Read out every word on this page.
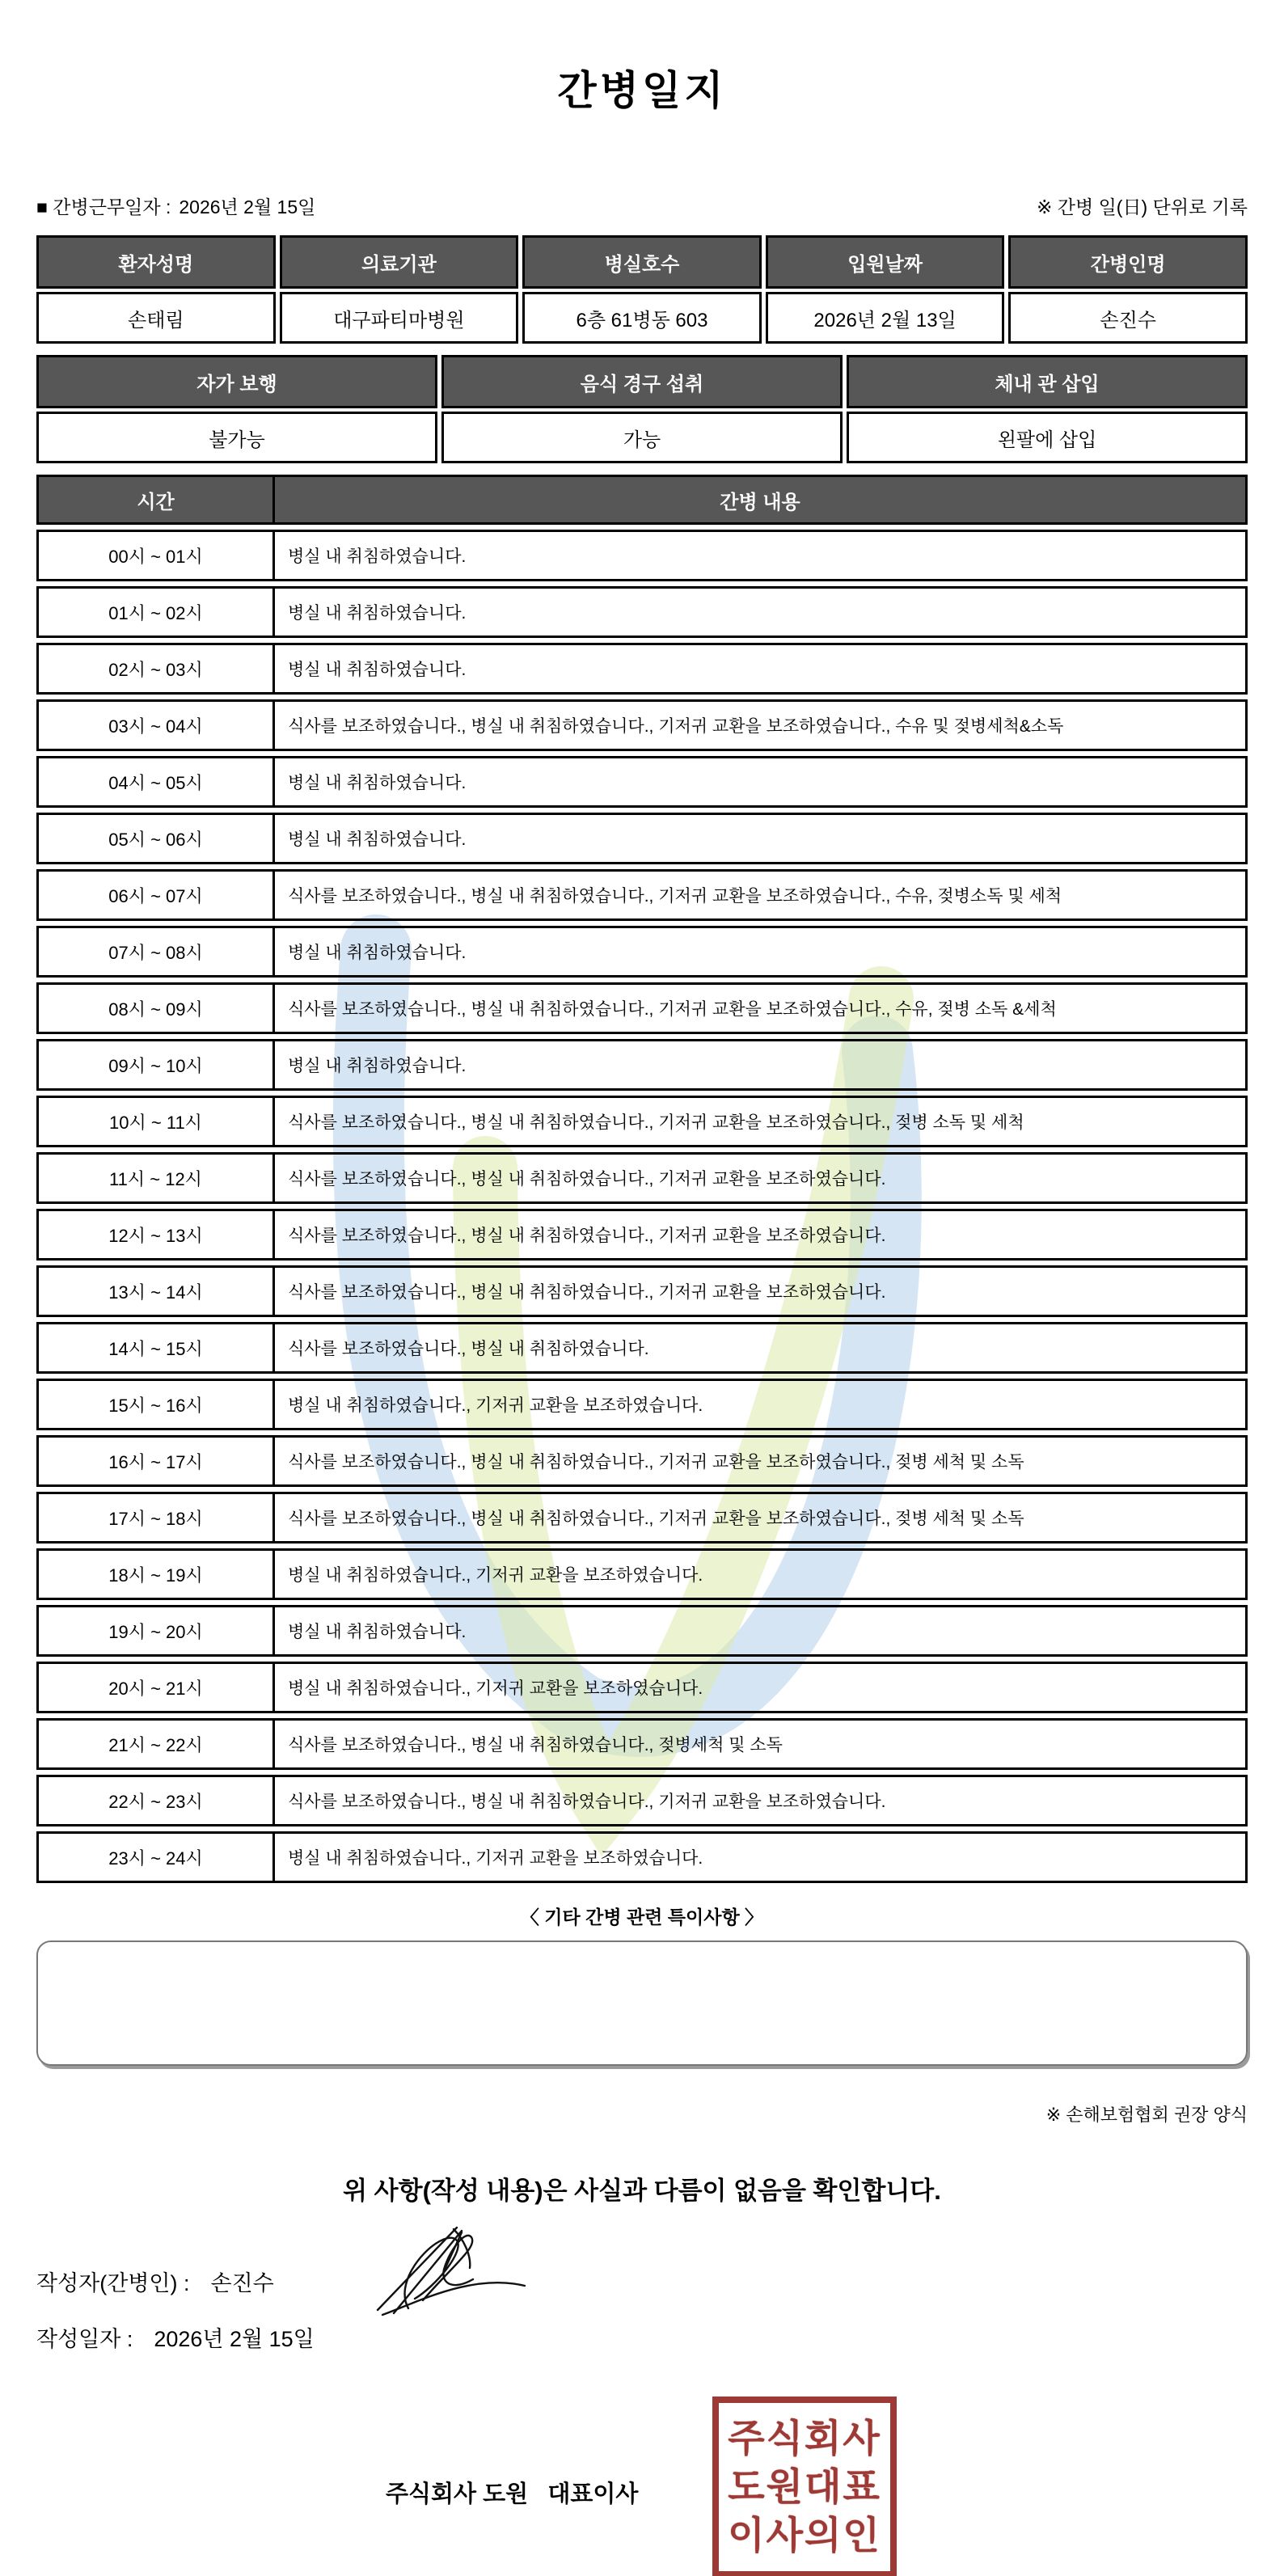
간병일지
■ 간병근무일자 : 2026년 2월 15일	※ 간병 일(日) 단위로 기록
환자성명	의료기관	병실호수	입원날짜	간병인명
손태림	대구파티마병원	6층 61병동 603	2026년 2월 13일	손진수
자가 보행	음식 경구 섭취	체내 관 삽입
불가능	가능	왼팔에 삽입
시간	간병 내용
00시 ~ 01시	병실 내 취침하였습니다.
01시 ~ 02시	병실 내 취침하였습니다.
02시 ~ 03시	병실 내 취침하였습니다.
03시 ~ 04시	식사를 보조하였습니다., 병실 내 취침하였습니다., 기저귀 교환을 보조하였습니다., 수유 및 젖병세척&소독
04시 ~ 05시	병실 내 취침하였습니다.
05시 ~ 06시	병실 내 취침하였습니다.
06시 ~ 07시	식사를 보조하였습니다., 병실 내 취침하였습니다., 기저귀 교환을 보조하였습니다., 수유, 젖병소독 및 세척
07시 ~ 08시	병실 내 취침하였습니다.
08시 ~ 09시	식사를 보조하였습니다., 병실 내 취침하였습니다., 기저귀 교환을 보조하였습니다., 수유, 젖병 소독 &세척
09시 ~ 10시	병실 내 취침하였습니다.
10시 ~ 11시	식사를 보조하였습니다., 병실 내 취침하였습니다., 기저귀 교환을 보조하였습니다., 젖병 소독 및 세척
11시 ~ 12시	식사를 보조하였습니다., 병실 내 취침하였습니다., 기저귀 교환을 보조하였습니다.
12시 ~ 13시	식사를 보조하였습니다., 병실 내 취침하였습니다., 기저귀 교환을 보조하였습니다.
13시 ~ 14시	식사를 보조하였습니다., 병실 내 취침하였습니다., 기저귀 교환을 보조하였습니다.
14시 ~ 15시	식사를 보조하였습니다., 병실 내 취침하였습니다.
15시 ~ 16시	병실 내 취침하였습니다., 기저귀 교환을 보조하였습니다.
16시 ~ 17시	식사를 보조하였습니다., 병실 내 취침하였습니다., 기저귀 교환을 보조하였습니다., 젖병 세척 및 소독
17시 ~ 18시	식사를 보조하였습니다., 병실 내 취침하였습니다., 기저귀 교환을 보조하였습니다., 젖병 세척 및 소독
18시 ~ 19시	병실 내 취침하였습니다., 기저귀 교환을 보조하였습니다.
19시 ~ 20시	병실 내 취침하였습니다.
20시 ~ 21시	병실 내 취침하였습니다., 기저귀 교환을 보조하였습니다.
21시 ~ 22시	식사를 보조하였습니다., 병실 내 취침하였습니다., 젖병세척 및 소독
22시 ~ 23시	식사를 보조하였습니다., 병실 내 취침하였습니다., 기저귀 교환을 보조하였습니다.
23시 ~ 24시	병실 내 취침하였습니다., 기저귀 교환을 보조하였습니다.
〈 기타 간병 관련 특이사항 〉
※ 손해보험협회 권장 양식
위 사항(작성 내용)은 사실과 다름이 없음을 확인합니다.
작성자(간병인) : 손진수
작성일자 : 2026년 2월 15일
주식회사 도원   대표이사
주식회사
도원대표
이사의인
